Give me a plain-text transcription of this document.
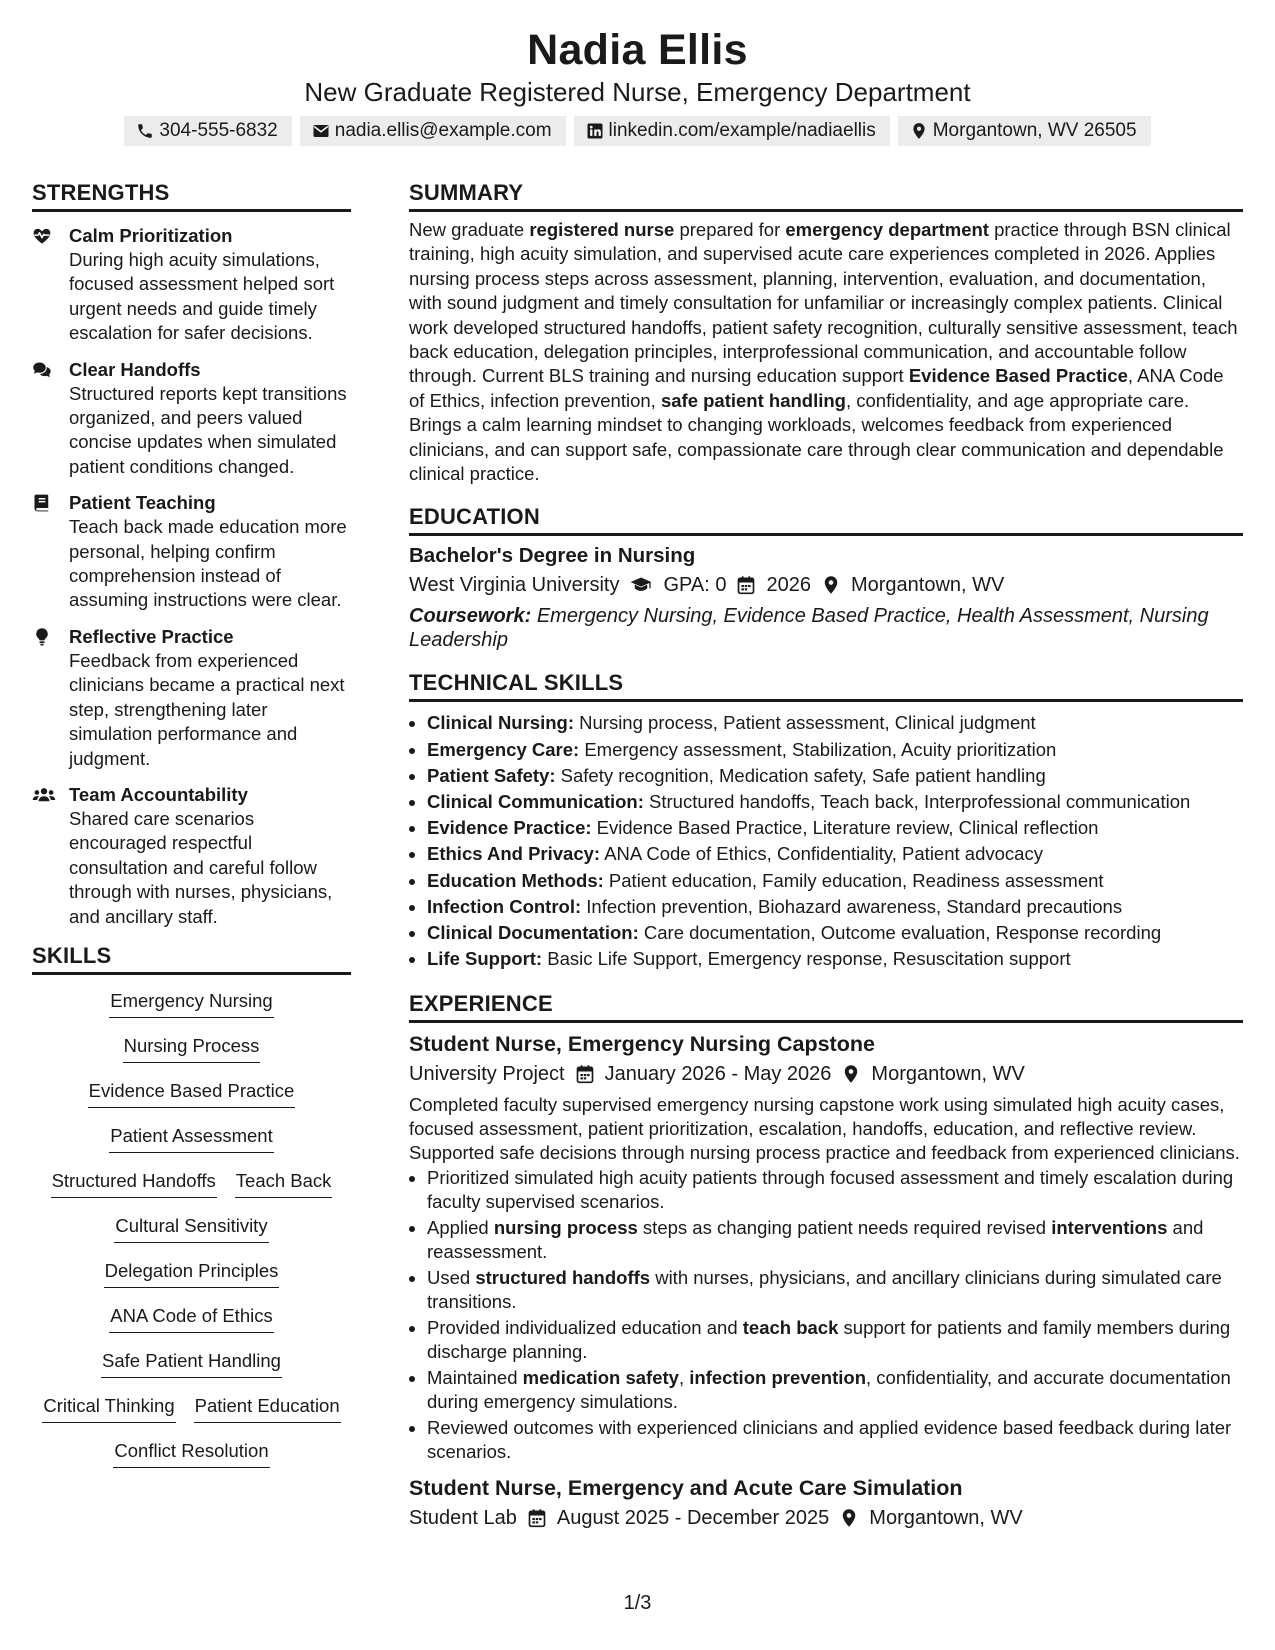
Nadia Ellis
New Graduate Registered Nurse, Emergency Department
304-555-6832	nadia.ellis@example.com	linkedin.com/example/nadiaellis	Morgantown, WV 26505
STRENGTHS
Calm Prioritization
During high acuity simulations, focused assessment helped sort urgent needs and guide timely escalation for safer decisions.
Clear Handoffs
Structured reports kept transitions organized, and peers valued concise updates when simulated patient conditions changed.
Patient Teaching
Teach back made education more personal, helping confirm comprehension instead of assuming instructions were clear.
Reflective Practice
Feedback from experienced clinicians became a practical next step, strengthening later simulation performance and judgment.
Team Accountability
Shared care scenarios encouraged respectful consultation and careful follow through with nurses, physicians, and ancillary staff.
SKILLS
Emergency Nursing
Nursing Process
Evidence Based Practice
Patient Assessment
Structured Handoffs Teach Back
Cultural Sensitivity
Delegation Principles
ANA Code of Ethics
Safe Patient Handling
Critical Thinking Patient Education
Conflict Resolution
SUMMARY

New graduate registered nurse prepared for emergency department practice through BSN clinical training, high acuity simulation, and supervised acute care experiences completed in 2026. Applies nursing process steps across assessment, planning, intervention, evaluation, and documentation, with sound judgment and timely consultation for unfamiliar or increasingly complex patients. Clinical work developed structured handoffs, patient safety recognition, culturally sensitive assessment, teach back education, delegation principles, interprofessional communication, and accountable follow through. Current BLS training and nursing education support Evidence Based Practice, ANA Code of Ethics, infection prevention, safe patient handling, confidentiality, and age appropriate care. Brings a calm learning mindset to changing workloads, welcomes feedback from experienced clinicians, and can support safe, compassionate care through clear communication and dependable clinical practice.

EDUCATION
Bachelor's Degree in Nursing
West Virginia University GPA: 0 2026 Morgantown, WV
Coursework: Emergency Nursing, Evidence Based Practice, Health Assessment, Nursing Leadership
TECHNICAL SKILLS
• Clinical Nursing: Nursing process, Patient assessment, Clinical judgment
• Emergency Care: Emergency assessment, Stabilization, Acuity prioritization
• Patient Safety: Safety recognition, Medication safety, Safe patient handling
• Clinical Communication: Structured handoffs, Teach back, Interprofessional communication
• Evidence Practice: Evidence Based Practice, Literature review, Clinical reflection
• Ethics And Privacy: ANA Code of Ethics, Confidentiality, Patient advocacy
• Education Methods: Patient education, Family education, Readiness assessment
• Infection Control: Infection prevention, Biohazard awareness, Standard precautions
• Clinical Documentation: Care documentation, Outcome evaluation, Response recording
• Life Support: Basic Life Support, Emergency response, Resuscitation support
EXPERIENCE
Student Nurse, Emergency Nursing Capstone
University Project January 2026 - May 2026 Morgantown, WV

Completed faculty supervised emergency nursing capstone work using simulated high acuity cases, focused assessment, patient prioritization, escalation, handoffs, education, and reflective review. Supported safe decisions through nursing process practice and feedback from experienced clinicians.

• Prioritized simulated high acuity patients through focused assessment and timely escalation during faculty supervised scenarios.
• Applied nursing process steps as changing patient needs required revised interventions and reassessment.
• Used structured handoffs with nurses, physicians, and ancillary clinicians during simulated care transitions.
• Provided individualized education and teach back support for patients and family members during discharge planning.
• Maintained medication safety, infection prevention, confidentiality, and accurate documentation during emergency simulations.
• Reviewed outcomes with experienced clinicians and applied evidence based feedback during later scenarios.
Student Nurse, Emergency and Acute Care Simulation
Student Lab August 2025 - December 2025 Morgantown, WV
1/3
